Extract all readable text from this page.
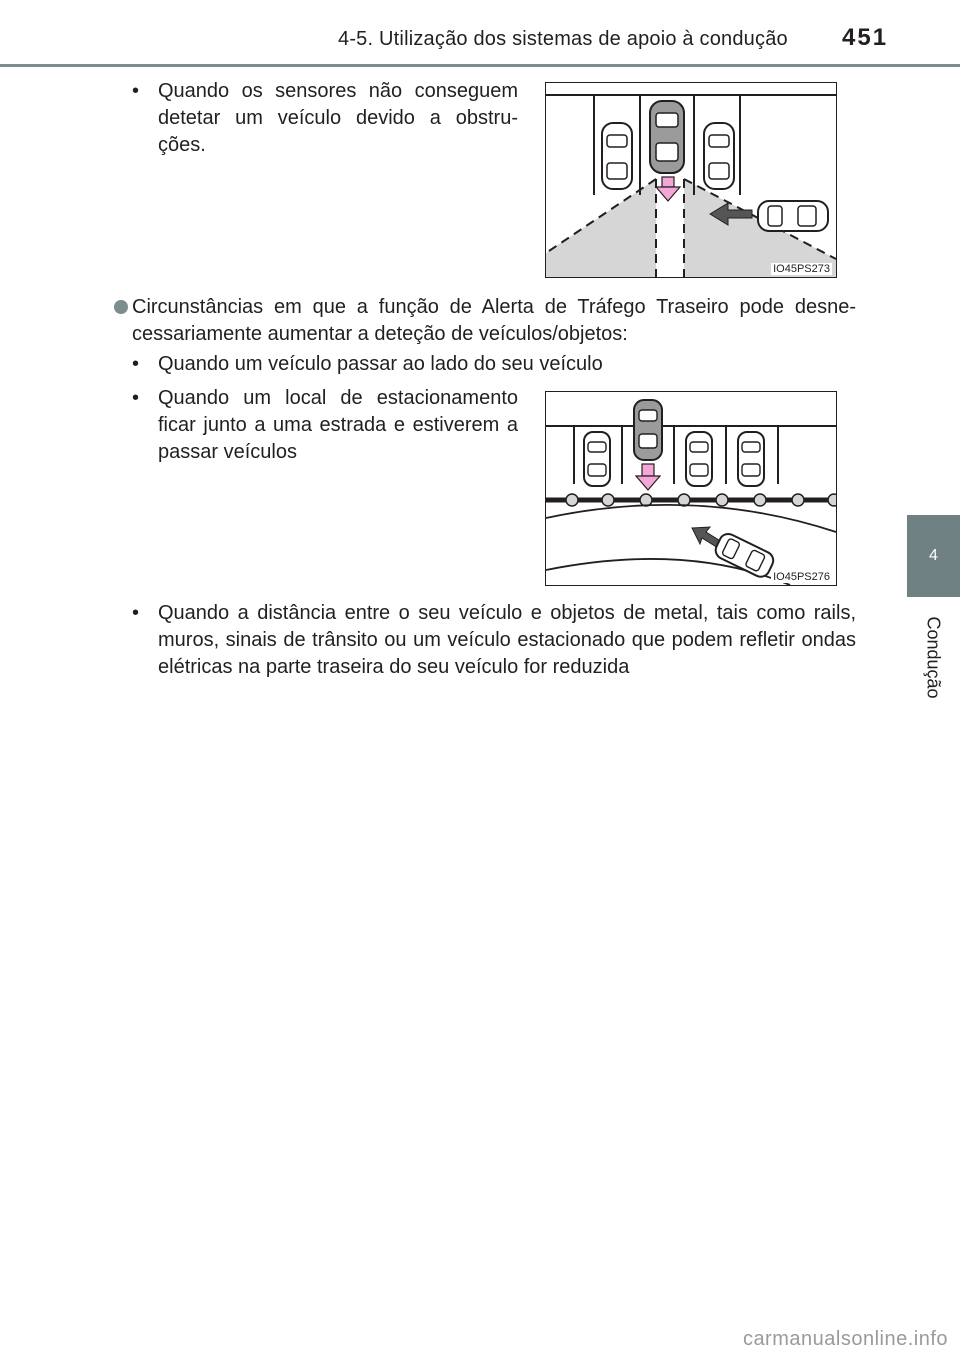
4-5. Utilização dos sistemas de apoio à condução 451
4
Condução
• Quando os sensores não conseguem detetar um veículo devido a obstru-ções.
IO45PS273
Circunstâncias em que a função de Alerta de Tráfego Traseiro pode desne-cessariamente aumentar a deteção de veículos/objetos:
• Quando um veículo passar ao lado do seu veículo
• Quando um local de estacionamento ficar junto a uma estrada e estiverem a passar veículos
IO45PS276
• Quando a distância entre o seu veículo e objetos de metal, tais como rails, muros, sinais de trânsito ou um veículo estacionado que podem refletir ondas elétricas na parte traseira do seu veículo for reduzida
carmanualsonline.info
